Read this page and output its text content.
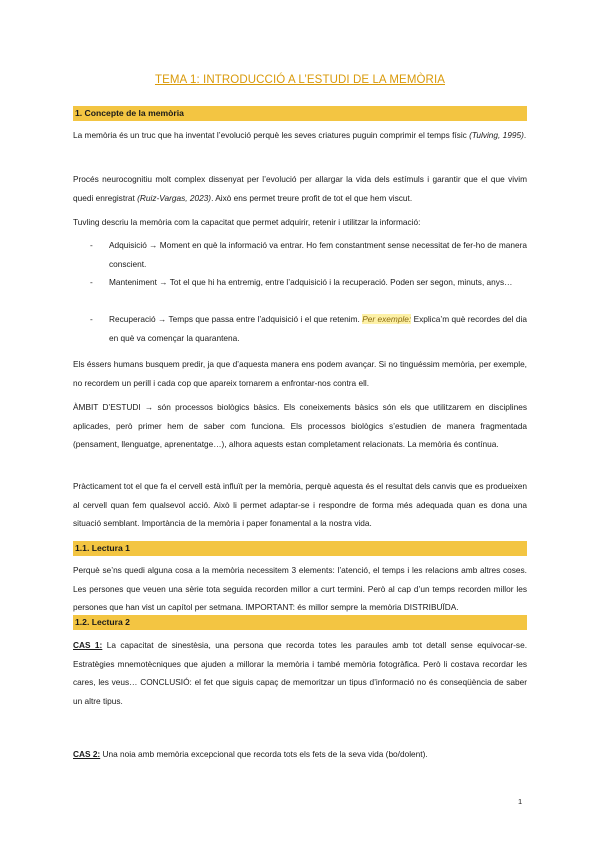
TEMA 1: INTRODUCCIÓ A L’ESTUDI DE LA MEMÒRIA
1. Concepte de la memòria

La memòria és un truc que ha inventat l’evolució perquè les seves criatures puguin comprimir el temps físic (Tulving, 1995).

Procés neurocognitiu molt complex dissenyat per l’evolució per allargar la vida dels estímuls i garantir que el que vivim quedi enregistrat (Ruiz-Vargas, 2023). Això ens permet treure profit de tot el que hem viscut.

Tuvling descriu la memòria com la capacitat que permet adquirir, retenir i utilitzar la informació:

- Adquisició → Moment en què la informació va entrar. Ho fem constantment sense necessitat de fer-ho de manera conscient.
- Manteniment → Tot el que hi ha entremig, entre l’adquisició i la recuperació. Poden ser segon, minuts, anys…
- Recuperació → Temps que passa entre l’adquisició i el que retenim. Per exemple: Explica’m què recordes del dia en què va començar la quarantena.

Els éssers humans busquem predir, ja que d’aquesta manera ens podem avançar. Si no tinguéssim memòria, per exemple, no recordem un perill i cada cop que apareix tornarem a enfrontar-nos contra ell.

ÀMBIT D’ESTUDI → són processos biològics bàsics. Els coneixements bàsics són els que utilitzarem en disciplines aplicades, però primer hem de saber com funciona. Els processos biològics s’estudien de manera fragmentada (pensament, llenguatge, aprenentatge…), alhora aquests estan completament relacionats. La memòria és contínua.

Pràcticament tot el que fa el cervell està influït per la memòria, perquè aquesta és el resultat dels canvis que es produeixen al cervell quan fem qualsevol acció. Això li permet adaptar-se i respondre de forma més adequada quan es dona una situació semblant. Importància de la memòria i paper fonamental a la nostra vida.

1.1. Lectura 1

Perquè se’ns quedi alguna cosa a la memòria necessitem 3 elements: l’atenció, el temps i les relacions amb altres coses. Les persones que veuen una sèrie tota seguida recorden millor a curt termini. Però al cap d’un temps recorden millor les persones que han vist un capítol per setmana. IMPORTANT: és millor sempre la memòria DISTRIBUÏDA.

1.2. Lectura 2

CAS 1: La capacitat de sinestèsia, una persona que recorda totes les paraules amb tot detall sense equivocar-se. Estratègies mnemotècniques que ajuden a millorar la memòria i també memòria fotogràfica. Però li costava recordar les cares, les veus… CONCLUSIÓ: el fet que siguis capaç de memoritzar un tipus d’informació no és conseqüència de saber un altre tipus.

CAS 2: Una noia amb memòria excepcional que recorda tots els fets de la seva vida (bo/dolent).

1
